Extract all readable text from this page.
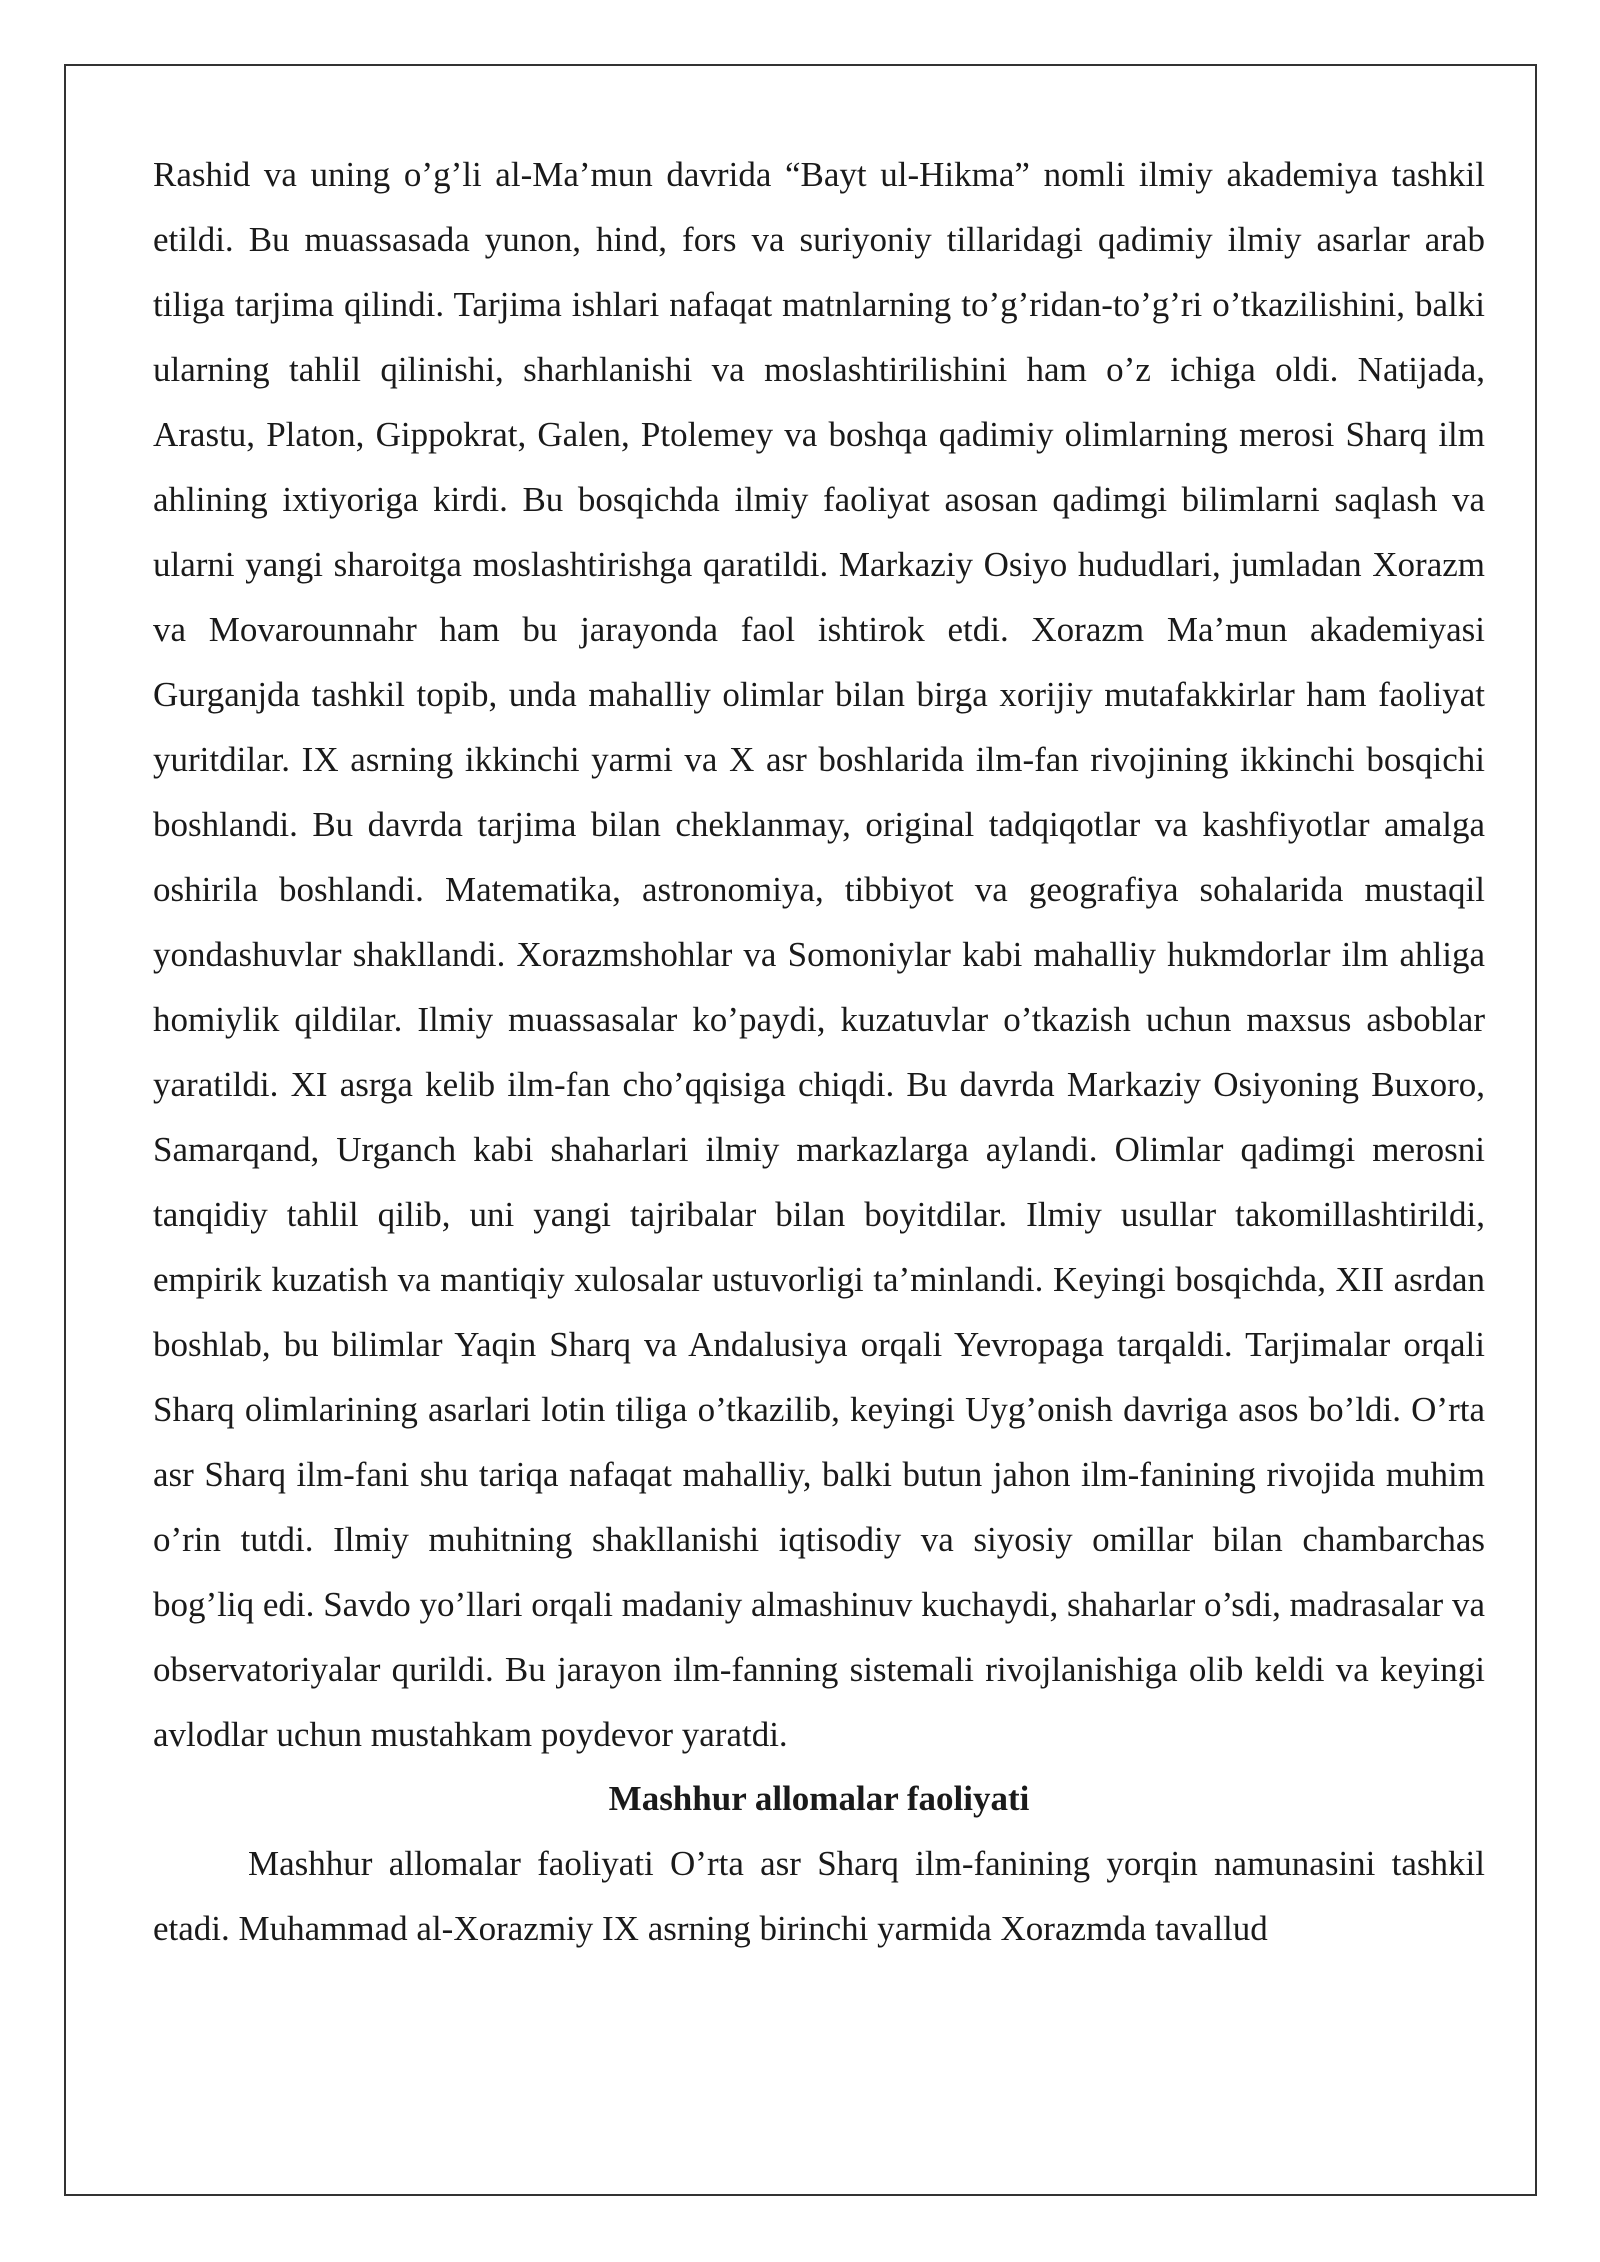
Rashid va uning o’g’li al-Ma’mun davrida “Bayt ul-Hikma” nomli ilmiy akademiya tashkil etildi. Bu muassasada yunon, hind, fors va suriyoniy tillaridagi qadimiy ilmiy asarlar arab tiliga tarjima qilindi. Tarjima ishlari nafaqat matnlarning to’g’ridan-to’g’ri o’tkazilishini, balki ularning tahlil qilinishi, sharhlanishi va moslashtirilishini ham o’z ichiga oldi. Natijada, Arastu, Platon, Gippokrat, Galen, Ptolemey va boshqa qadimiy olimlarning merosi Sharq ilm ahlining ixtiyoriga kirdi. Bu bosqichda ilmiy faoliyat asosan qadimgi bilimlarni saqlash va ularni yangi sharoitga moslashtirishga qaratildi. Markaziy Osiyo hududlari, jumladan Xorazm va Movarounnahr ham bu jarayonda faol ishtirok etdi. Xorazm Ma’mun akademiyasi Gurganjda tashkil topib, unda mahalliy olimlar bilan birga xorijiy mutafakkirlar ham faoliyat yuritdilar. IX asrning ikkinchi yarmi va X asr boshlarida ilm-fan rivojining ikkinchi bosqichi boshlandi. Bu davrda tarjima bilan cheklanmay, original tadqiqotlar va kashfiyotlar amalga oshirila boshlandi. Matematika, astronomiya, tibbiyot va geografiya sohalarida mustaqil yondashuvlar shakllandi. Xorazmshohlar va Somoniylar kabi mahalliy hukmdorlar ilm ahliga homiylik qildilar. Ilmiy muassasalar ko’paydi, kuzatuvlar o’tkazish uchun maxsus asboblar yaratildi. XI asrga kelib ilm-fan cho’qqisiga chiqdi. Bu davrda Markaziy Osiyoning Buxoro, Samarqand, Urganch kabi shaharlari ilmiy markazlarga aylandi. Olimlar qadimgi merosni tanqidiy tahlil qilib, uni yangi tajribalar bilan boyitdilar. Ilmiy usullar takomillashtirildi, empirik kuzatish va mantiqiy xulosalar ustuvorligi ta’minlandi. Keyingi bosqichda, XII asrdan boshlab, bu bilimlar Yaqin Sharq va Andalusiya orqali Yevropaga tarqaldi. Tarjimalar orqali Sharq olimlarining asarlari lotin tiliga o’tkazilib, keyingi Uyg’onish davriga asos bo’ldi. O’rta asr Sharq ilm-fani shu tariqa nafaqat mahalliy, balki butun jahon ilm-fanining rivojida muhim o’rin tutdi. Ilmiy muhitning shakllanishi iqtisodiy va siyosiy omillar bilan chambarchas bog’liq edi. Savdo yo’llari orqali madaniy almashinuv kuchaydi, shaharlar o’sdi, madrasalar va observatoriyalar qurildi. Bu jarayon ilm-fanning sistemali rivojlanishiga olib keldi va keyingi avlodlar uchun mustahkam poydevor yaratdi.

Mashhur allomalar faoliyati

Mashhur allomalar faoliyati O’rta asr Sharq ilm-fanining yorqin namunasini tashkil etadi. Muhammad al-Xorazmiy IX asrning birinchi yarmida Xorazmda tavallud
